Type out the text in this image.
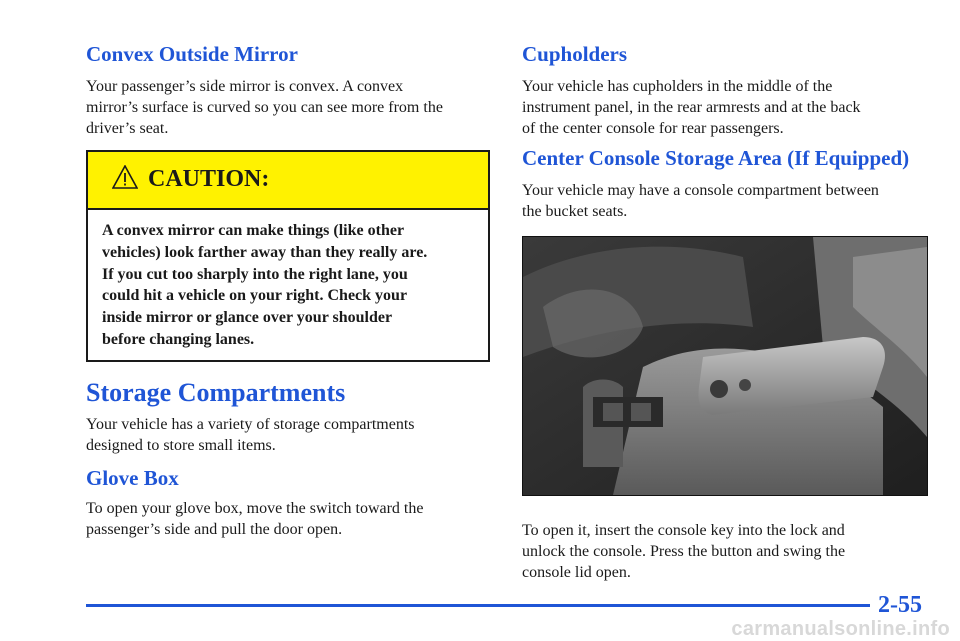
Convex Outside Mirror

Your passenger’s side mirror is convex. A convex
mirror’s surface is curved so you can see more from the
driver’s seat.

CAUTION:
A convex mirror can make things (like other
vehicles) look farther away than they really are.
If you cut too sharply into the right lane, you
could hit a vehicle on your right. Check your
inside mirror or glance over your shoulder
before changing lanes.
Storage Compartments

Your vehicle has a variety of storage compartments
designed to store small items.

Glove Box

To open your glove box, move the switch toward the
passenger’s side and pull the door open.

Cupholders

Your vehicle has cupholders in the middle of the
instrument panel, in the rear armrests and at the back
of the center console for rear passengers.

Center Console Storage Area (If Equipped)

Your vehicle may have a console compartment between
the bucket seats.

To open it, insert the console key into the lock and
unlock the console. Press the button and swing the
console lid open.

2-55
carmanualsonline.info
